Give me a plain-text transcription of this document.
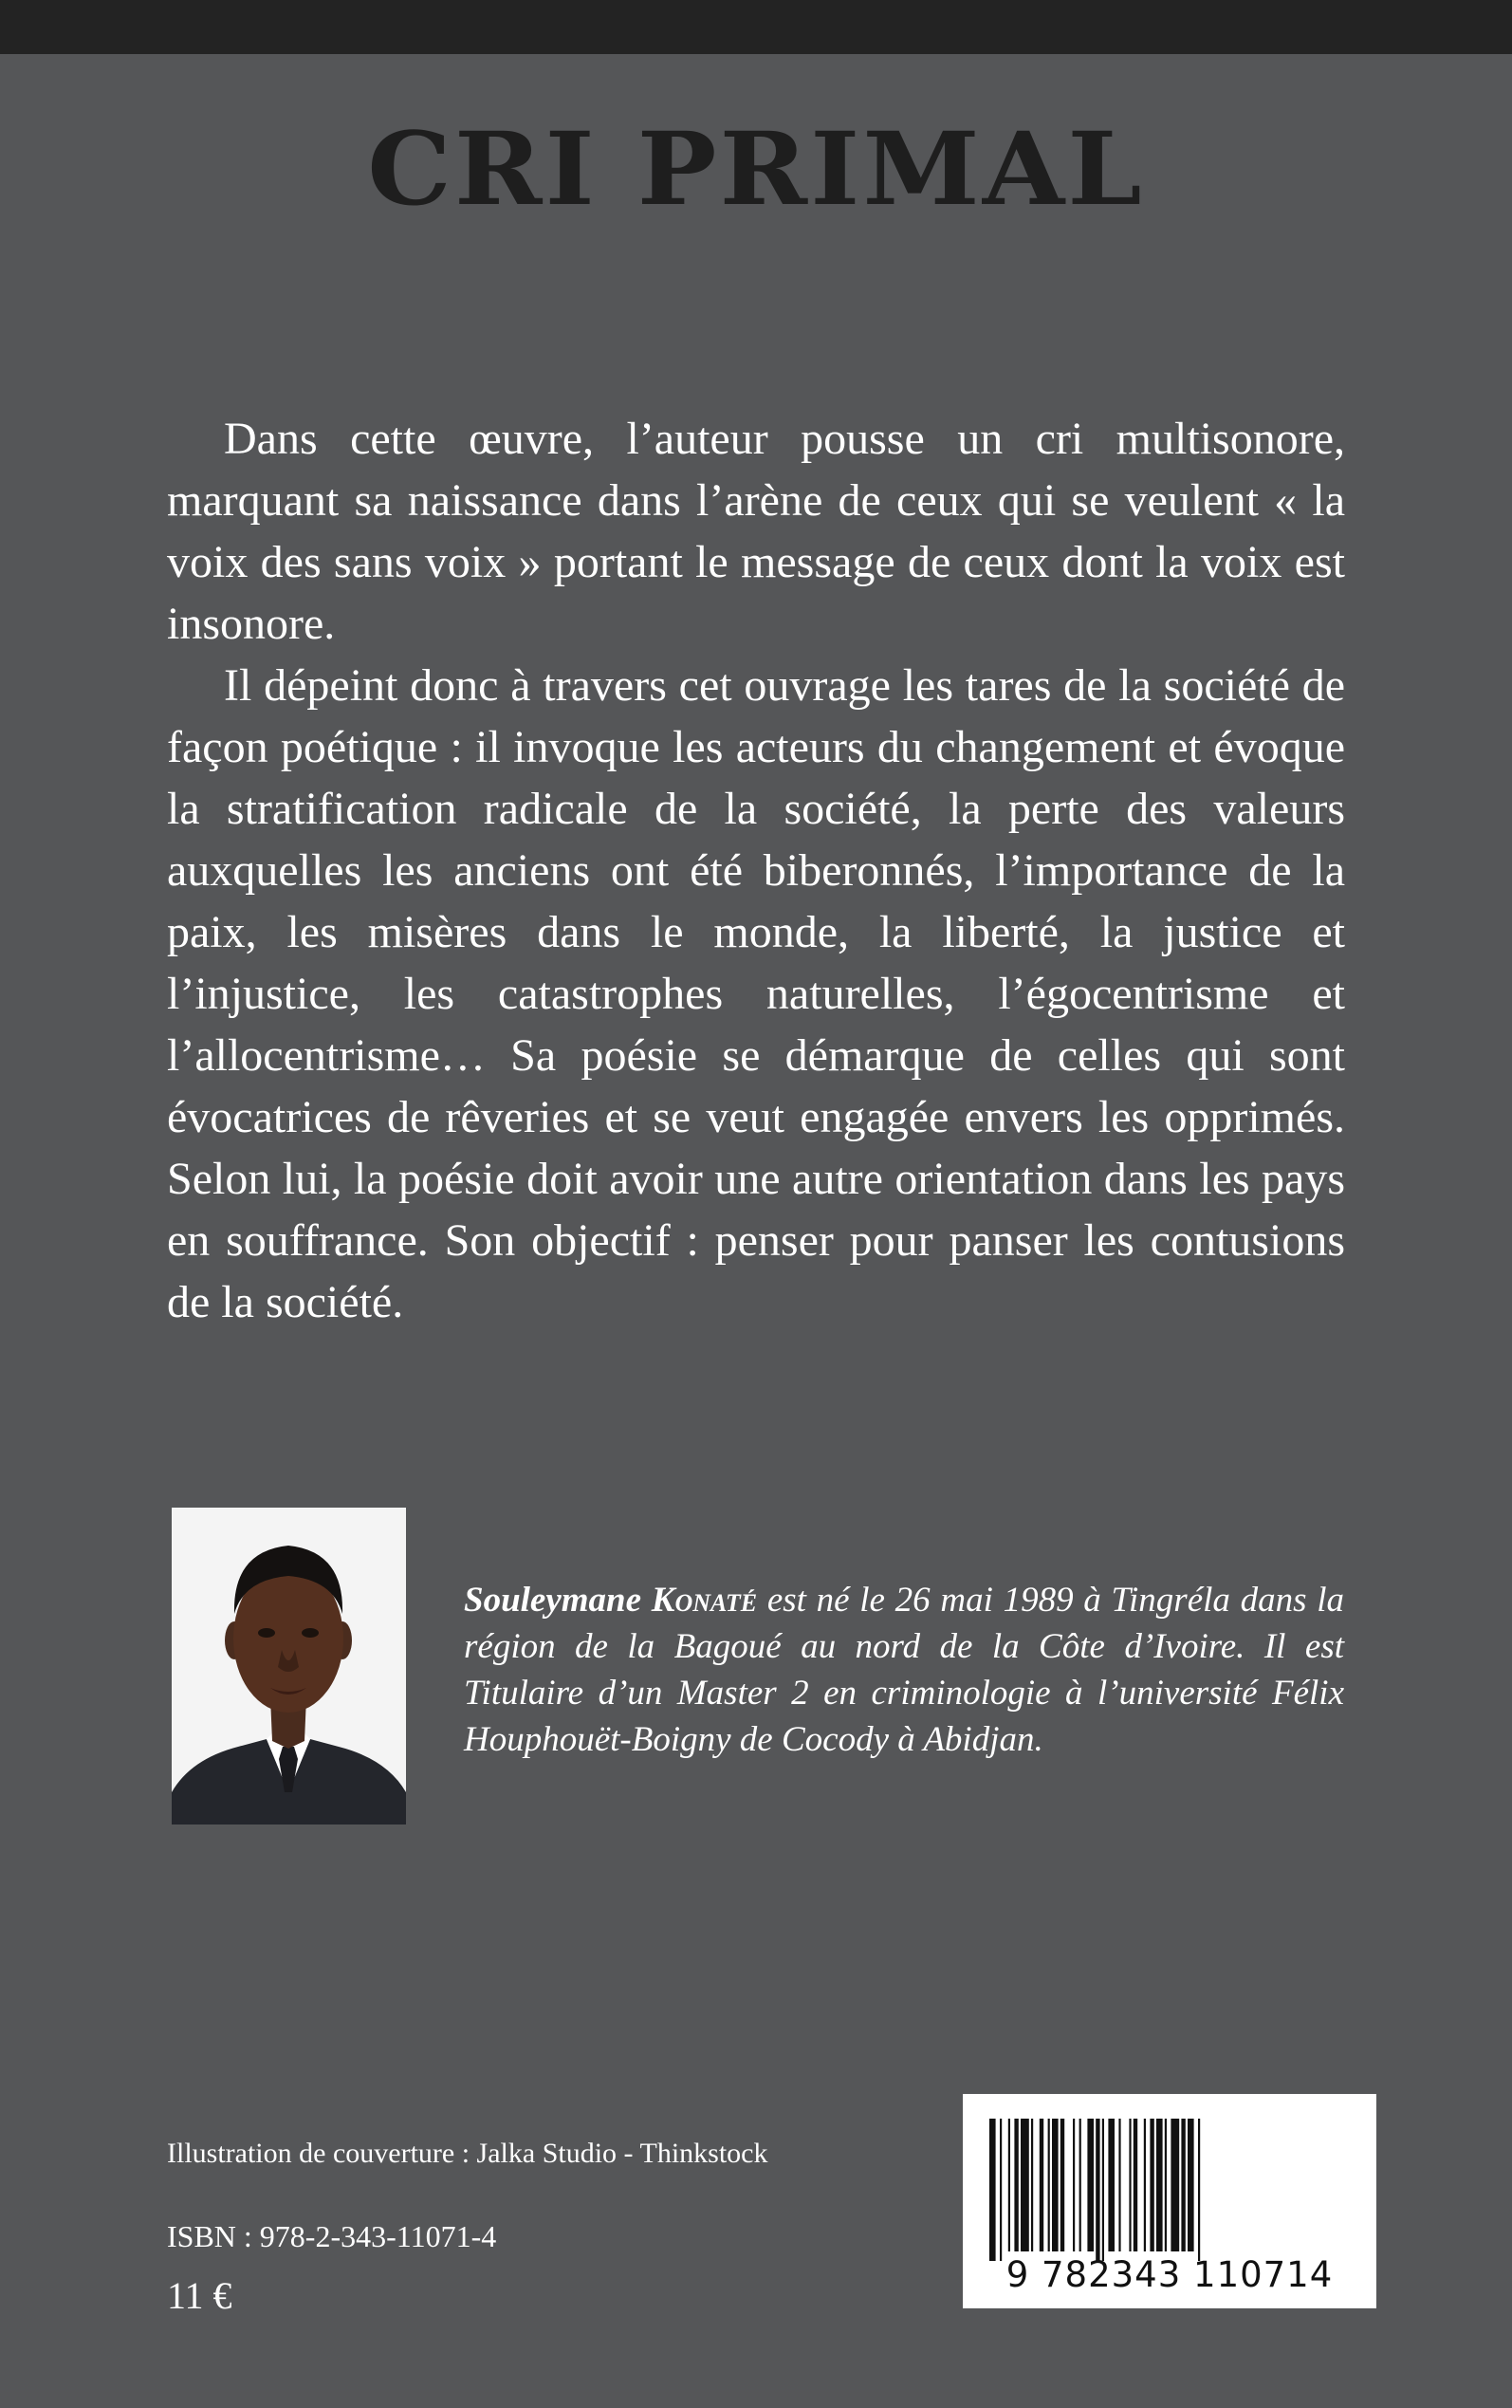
CRI PRIMAL

Dans cette œuvre, l’auteur pousse un cri multisonore, marquant sa naissance dans l’arène de ceux qui se veulent « la voix des sans voix » portant le message de ceux dont la voix est insonore.

Il dépeint donc à travers cet ouvrage les tares de la société de façon poétique : il invoque les acteurs du changement et évoque la stratification radicale de la société, la perte des valeurs auxquelles les anciens ont été biberonnés, l’importance de la paix, les misères dans le monde, la liberté, la justice et l’injustice, les catastrophes naturelles, l’égocentrisme et l’allocentrisme… Sa poésie se démarque de celles qui sont évocatrices de rêveries et se veut engagée envers les opprimés. Selon lui, la poésie doit avoir une autre orientation dans les pays en souffrance. Son objectif : penser pour panser les contusions de la société.

Souleymane Konaté est né le 26 mai 1989 à Tingréla dans la région de la Bagoué au nord de la Côte d’Ivoire. Il est Titulaire d’un Master 2 en criminologie à l’université Félix Houphouët-Boigny de Cocody à Abidjan.

Illustration de couverture : Jalka Studio - Thinkstock

ISBN : 978-2-343-11071-4

11 €	9 782343 110714
